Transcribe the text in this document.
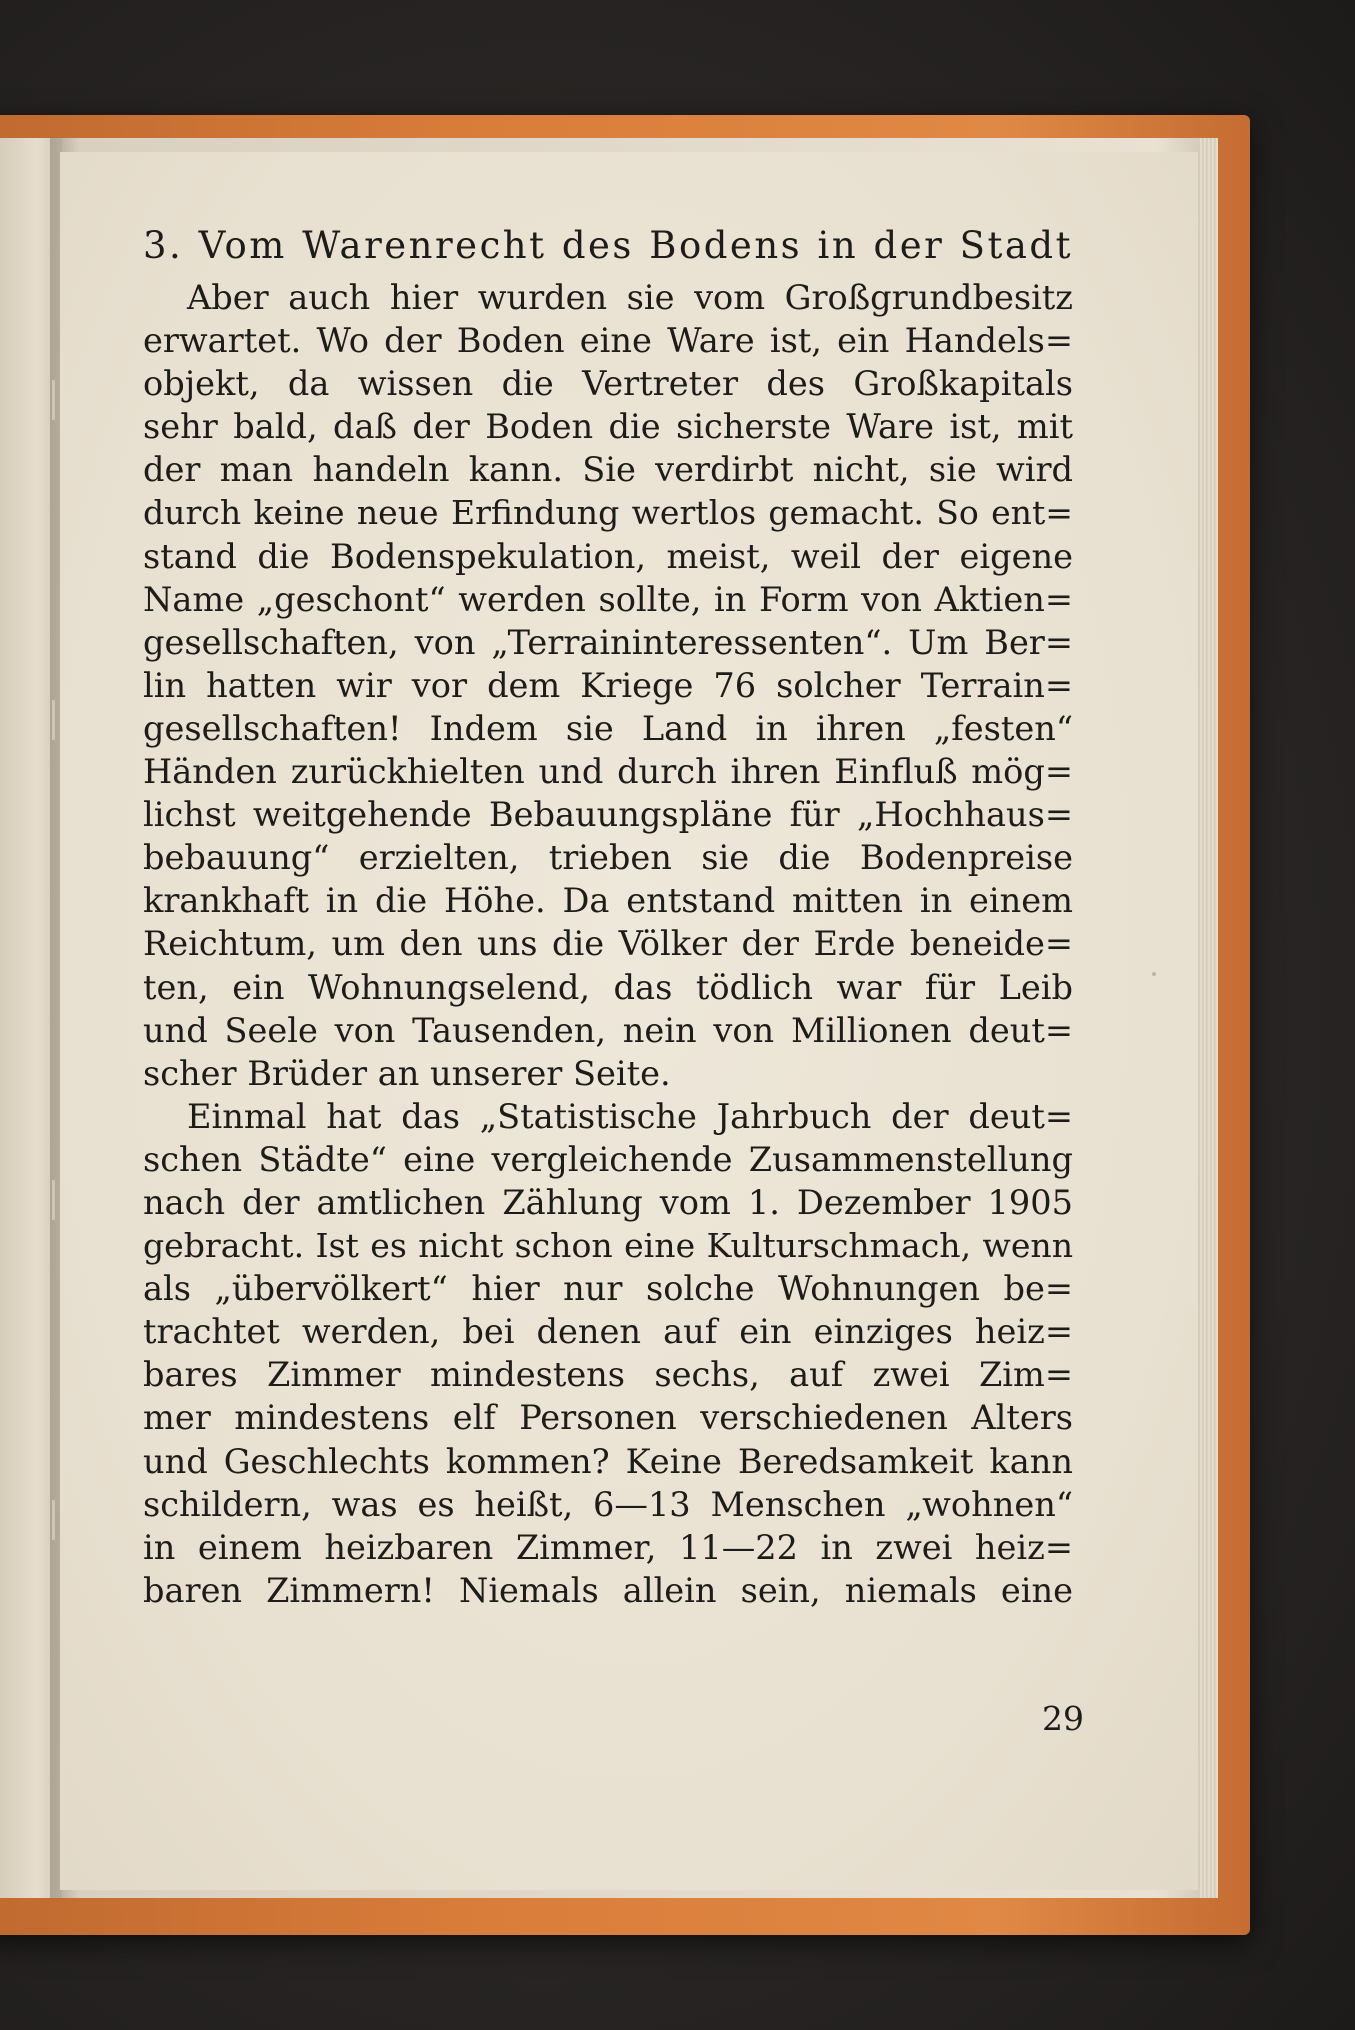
3. Vom Warenrecht des Bodens in der Stadt
Aber auch hier wurden sie vom Großgrundbesitz
erwartet. Wo der Boden eine Ware ist, ein Handels=
objekt, da wissen die Vertreter des Großkapitals
sehr bald, daß der Boden die sicherste Ware ist, mit
der man handeln kann. Sie verdirbt nicht, sie wird
durch keine neue Erfindung wertlos gemacht. So ent=
stand die Bodenspekulation, meist, weil der eigene
Name „geschont“ werden sollte, in Form von Aktien=
gesellschaften, von „Terraininteressenten“. Um Ber=
lin hatten wir vor dem Kriege 76 solcher Terrain=
gesellschaften! Indem sie Land in ihren „festen“
Händen zurückhielten und durch ihren Einfluß mög=
lichst weitgehende Bebauungspläne für „Hochhaus=
bebauung“ erzielten, trieben sie die Bodenpreise
krankhaft in die Höhe. Da entstand mitten in einem
Reichtum, um den uns die Völker der Erde beneide=
ten, ein Wohnungselend, das tödlich war für Leib
und Seele von Tausenden, nein von Millionen deut=
scher Brüder an unserer Seite.
Einmal hat das „Statistische Jahrbuch der deut=
schen Städte“ eine vergleichende Zusammenstellung
nach der amtlichen Zählung vom 1. Dezember 1905
gebracht. Ist es nicht schon eine Kulturschmach, wenn
als „übervölkert“ hier nur solche Wohnungen be=
trachtet werden, bei denen auf ein einziges heiz=
bares Zimmer mindestens sechs, auf zwei Zim=
mer mindestens elf Personen verschiedenen Alters
und Geschlechts kommen? Keine Beredsamkeit kann
schildern, was es heißt, 6—13 Menschen „wohnen“
in einem heizbaren Zimmer, 11—22 in zwei heiz=
baren Zimmern! Niemals allein sein, niemals eine
29
